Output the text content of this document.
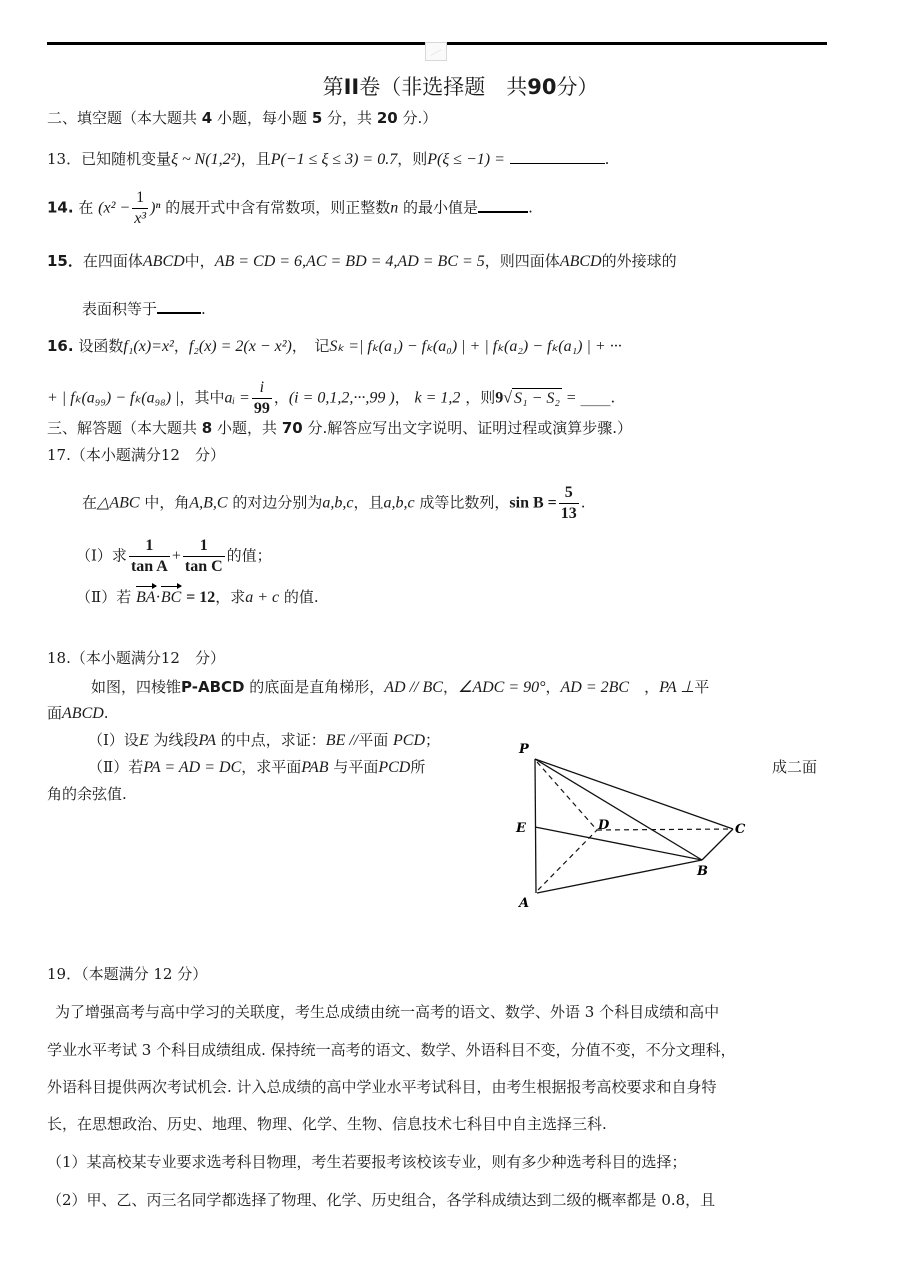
第II卷（非选择题　共90分）
二、填空题（本大题共 4 小题，每小题 5 分，共 20 分.）
13．已知随机变量ξ ~ N(1,2²)，且P(−1 ≤ ξ ≤ 3) = 0.7，则P(ξ ≤ −1) =	.
14. 在 $(x^2 - \frac{1}{\text{x³}} )^n$ 的展开式中含有常数项，则正整数n 的最小值是	.
15．在四面体ABCD中，AB = CD = 6,AC = BD = 4,AD = BC = 5，则四面体ABCD的外接球的
表面积等于	.
16. 设函数f₁(x)=x²，f₂(x) = 2(x − x²)，　记Sₖ =| fₖ(a₁) − fₖ(a₀) | + | fₖ(a₂) − fₖ(a₁) | + ···
+ | fₖ(a₉₉) − fₖ(a₉₈) |，其中aᵢ = $\frac{i}{99}$ ，(i = 0,1,2,···,99 )， k = 1,2 ，则9√ S₁ − S₂ = ____.
三、解答题（本大题共 8 小题，共 70 分.解答应写出文字说明、证明过程或演算步骤.）
17.（本小题满分12　分）
在△ABC 中，角A,B,C 的对边分别为a,b,c，且a,b,c 成等比数列，$\sin B = \frac{5}{13}$ .
（Ⅰ）求 $\frac{1}{\text{tan A}} + \frac{1}{\text{tan C}}$ 的值；
（Ⅱ）若 BA·BC = 12，求a + c 的值.
18.（本小题满分12　分）
如图，四棱锥P-ABCD 的底面是直角梯形，AD // BC，∠ADC = 90°，AD = 2BC　，PA ⊥平
面ABCD.
（Ⅰ）设E 为线段PA 的中点，求证：BE //平面 PCD；
（Ⅱ）若PA = AD = DC，求平面PAB 与平面PCD所	成二面
角的余弦值.
P
E	D	C
B
A
19．（本题满分 12 分）
为了增强高考与高中学习的关联度，考生总成绩由统一高考的语文、数学、外语 3 个科目成绩和高中
学业水平考试 3 个科目成绩组成. 保持统一高考的语文、数学、外语科目不变，分值不变，不分文理科，
外语科目提供两次考试机会. 计入总成绩的高中学业水平考试科目，由考生根据报考高校要求和自身特
长，在思想政治、历史、地理、物理、化学、生物、信息技术七科目中自主选择三科.
（1）某高校某专业要求选考科目物理，考生若要报考该校该专业，则有多少种选考科目的选择；
（2）甲、乙、丙三名同学都选择了物理、化学、历史组合，各学科成绩达到二级的概率都是 0.8，且
